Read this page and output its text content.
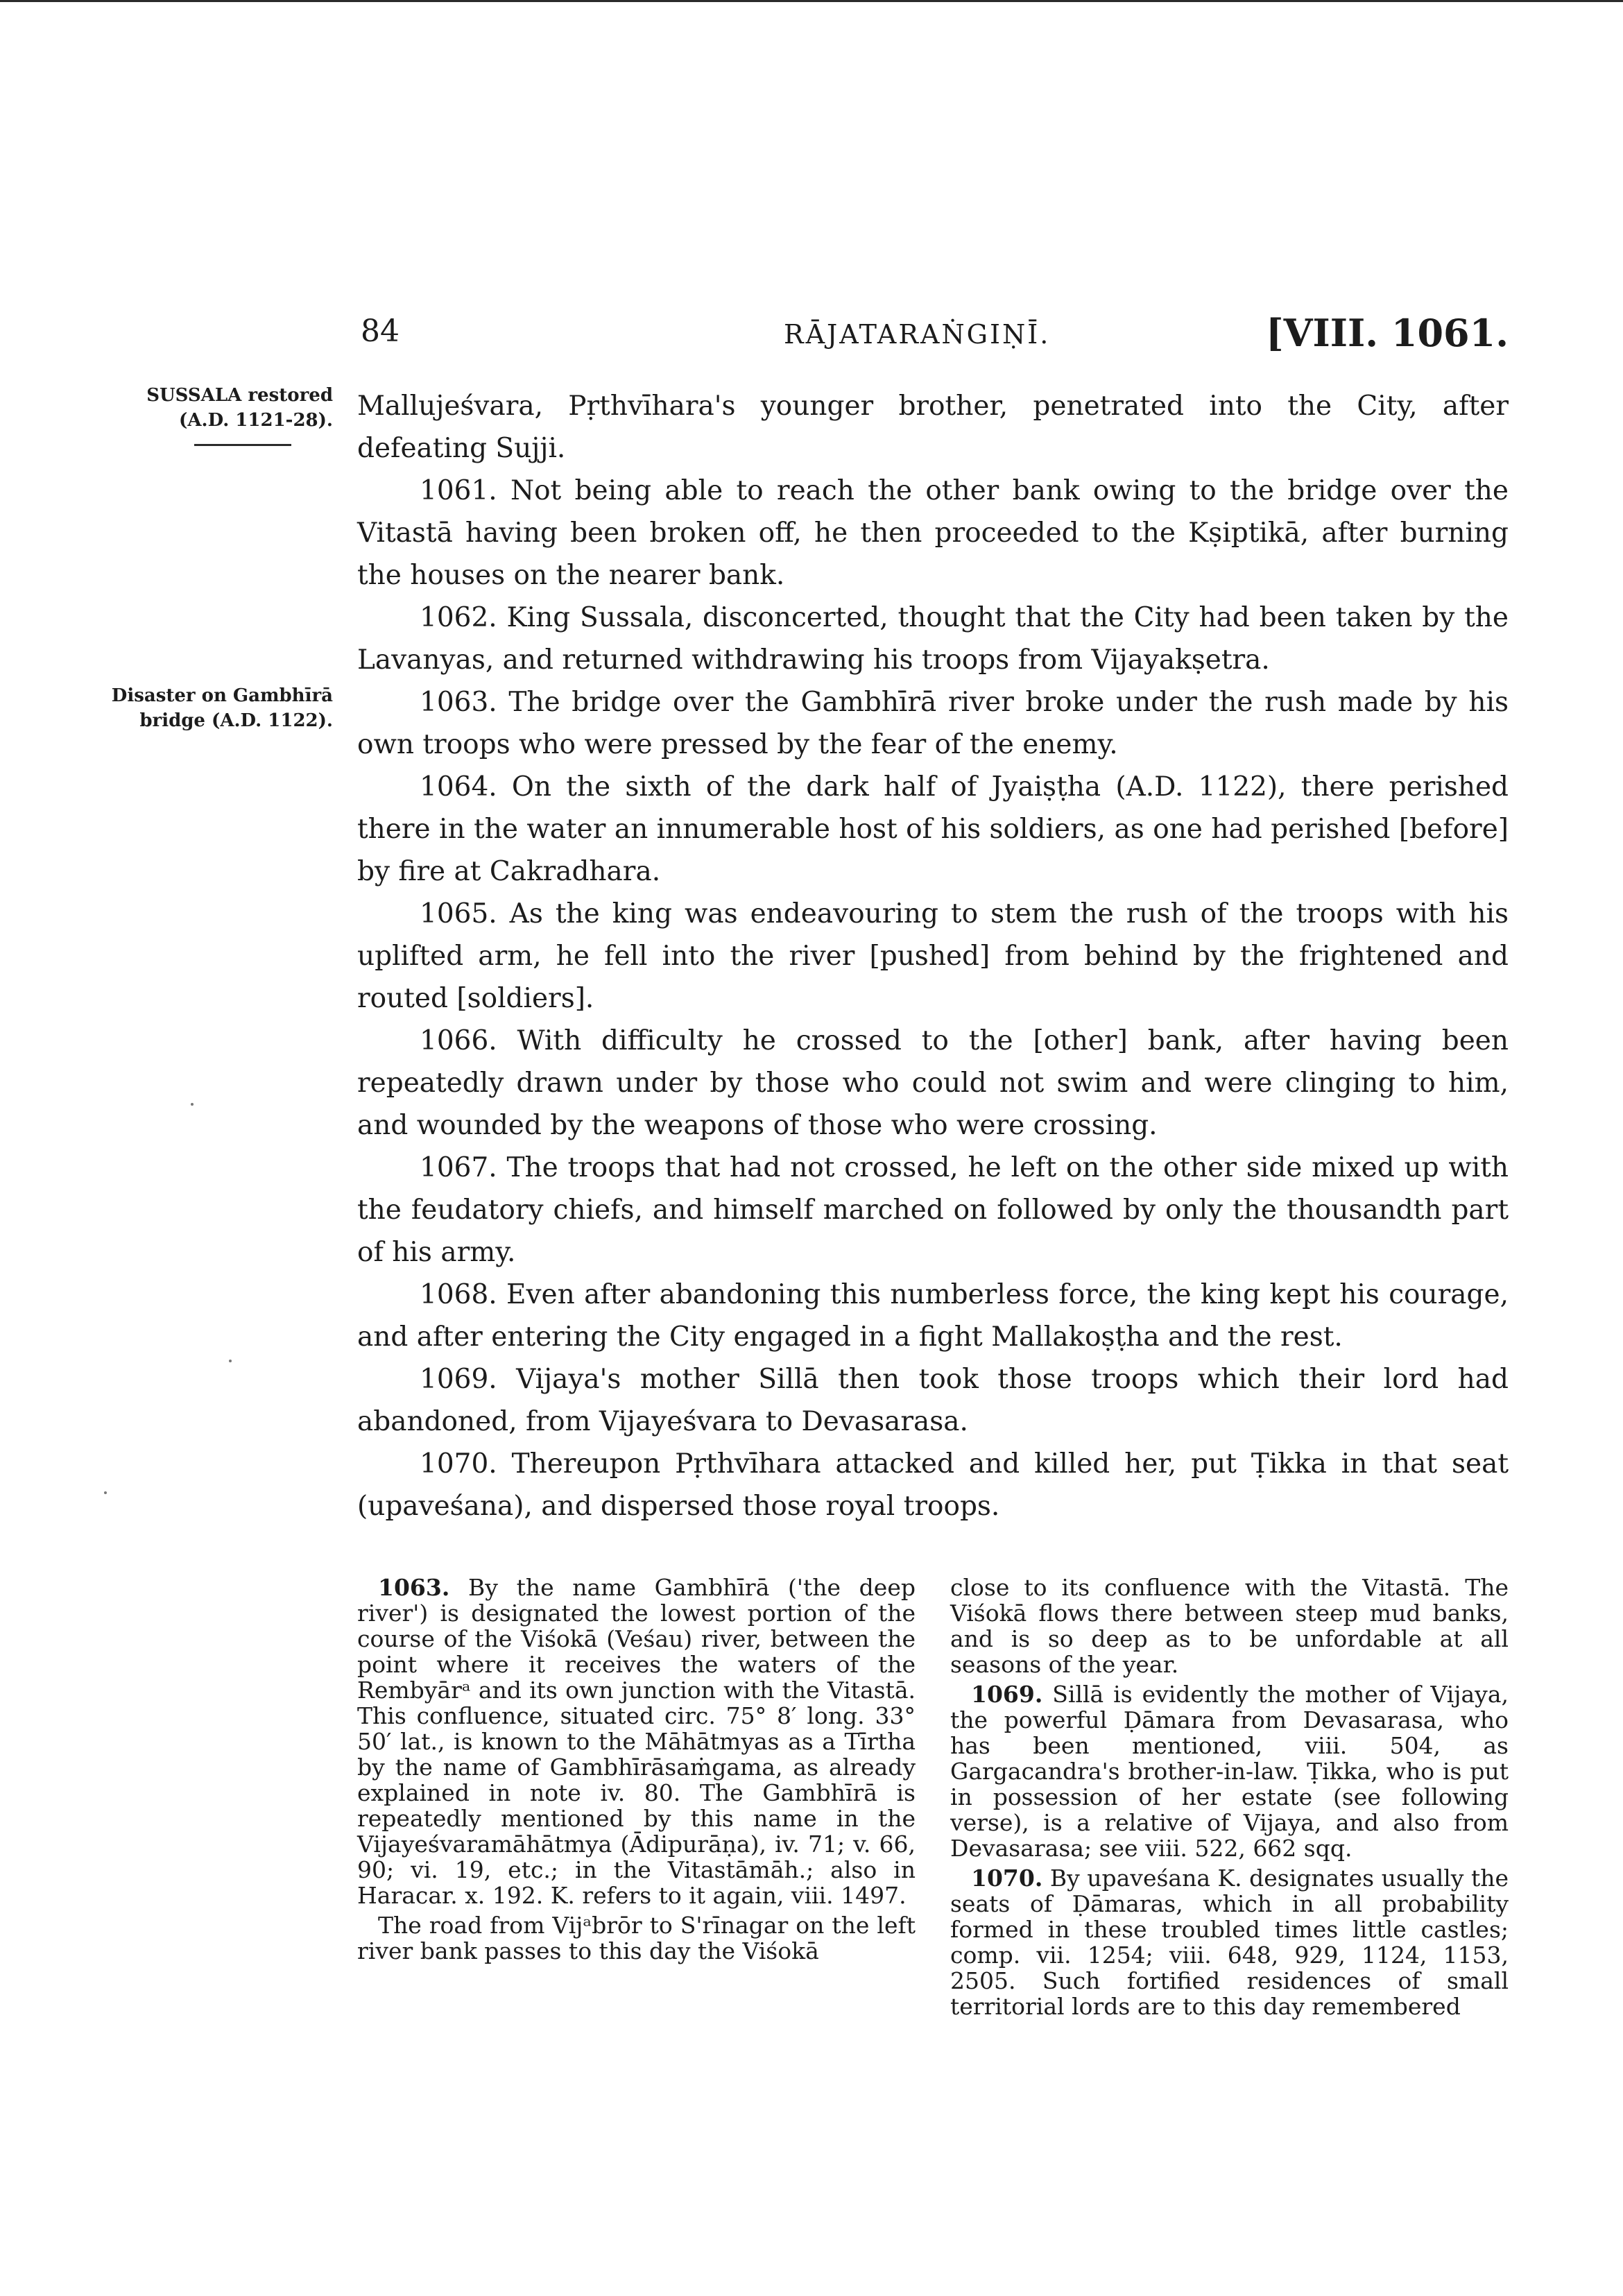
84	RĀJATARAṄGIṆĪ.	[VIII. 1061.
SUSSALA restored
(A.D. 1121-28).
Disaster on Gambhīrā
bridge (A.D. 1122).

Mallujeśvara, Pṛthvīhara's younger brother, penetrated into the City, after defeating Sujji.

1061. Not being able to reach the other bank owing to the bridge over the Vitastā having been broken off, he then proceeded to the Kṣiptikā, after burning the houses on the nearer bank.

1062. King Sussala, disconcerted, thought that the City had been taken by the Lavanyas, and returned withdrawing his troops from Vijayakṣetra.

1063. The bridge over the Gambhīrā river broke under the rush made by his own troops who were pressed by the fear of the enemy.

1064. On the sixth of the dark half of Jyaiṣṭha (A.D. 1122), there perished there in the water an innumerable host of his soldiers, as one had perished [before] by fire at Cakradhara.

1065. As the king was endeavouring to stem the rush of the troops with his uplifted arm, he fell into the river [pushed] from behind by the frightened and routed [soldiers].

1066. With difficulty he crossed to the [other] bank, after having been repeatedly drawn under by those who could not swim and were clinging to him, and wounded by the weapons of those who were crossing.

1067. The troops that had not crossed, he left on the other side mixed up with the feudatory chiefs, and himself marched on followed by only the thousandth part of his army.

1068. Even after abandoning this numberless force, the king kept his courage, and after entering the City engaged in a fight Mallakoṣṭha and the rest.

1069. Vijaya's mother Sillā then took those troops which their lord had abandoned, from Vijayeśvara to Devasarasa.

1070. Thereupon Pṛthvīhara attacked and killed her, put Ṭikka in that seat (upaveśana), and dispersed those royal troops.

1063. By the name Gambhīrā ('the deep river') is designated the lowest portion of the course of the Viśokā (Veśau) river, between the point where it receives the waters of the Rembyārᵃ and its own junction with the Vitastā. This confluence, situated circ. 75° 8′ long. 33° 50′ lat., is known to the Māhātmyas as a Tīrtha by the name of Gambhīrāsaṁgama, as already explained in note iv. 80. The Gambhīrā is repeatedly mentioned by this name in the Vijayeśvaramāhātmya (Ādipurāṇa), iv. 71; v. 66, 90; vi. 19, etc.; in the Vitastāmāh.; also in Haracar. x. 192. K. refers to it again, viii. 1497.

The road from Vijᵃbrōr to S'rīnagar on the left river bank passes to this day the Viśokā

close to its confluence with the Vitastā. The Viśokā flows there between steep mud banks, and is so deep as to be unfordable at all seasons of the year.

1069. Sillā is evidently the mother of Vijaya, the powerful Ḍāmara from Devasarasa, who has been mentioned, viii. 504, as Gargacandra's brother-in-law. Ṭikka, who is put in possession of her estate (see following verse), is a relative of Vijaya, and also from Devasarasa; see viii. 522, 662 sqq.

1070. By upaveśana K. designates usually the seats of Ḍāmaras, which in all probability formed in these troubled times little castles; comp. vii. 1254; viii. 648, 929, 1124, 1153, 2505. Such fortified residences of small territorial lords are to this day remembered
